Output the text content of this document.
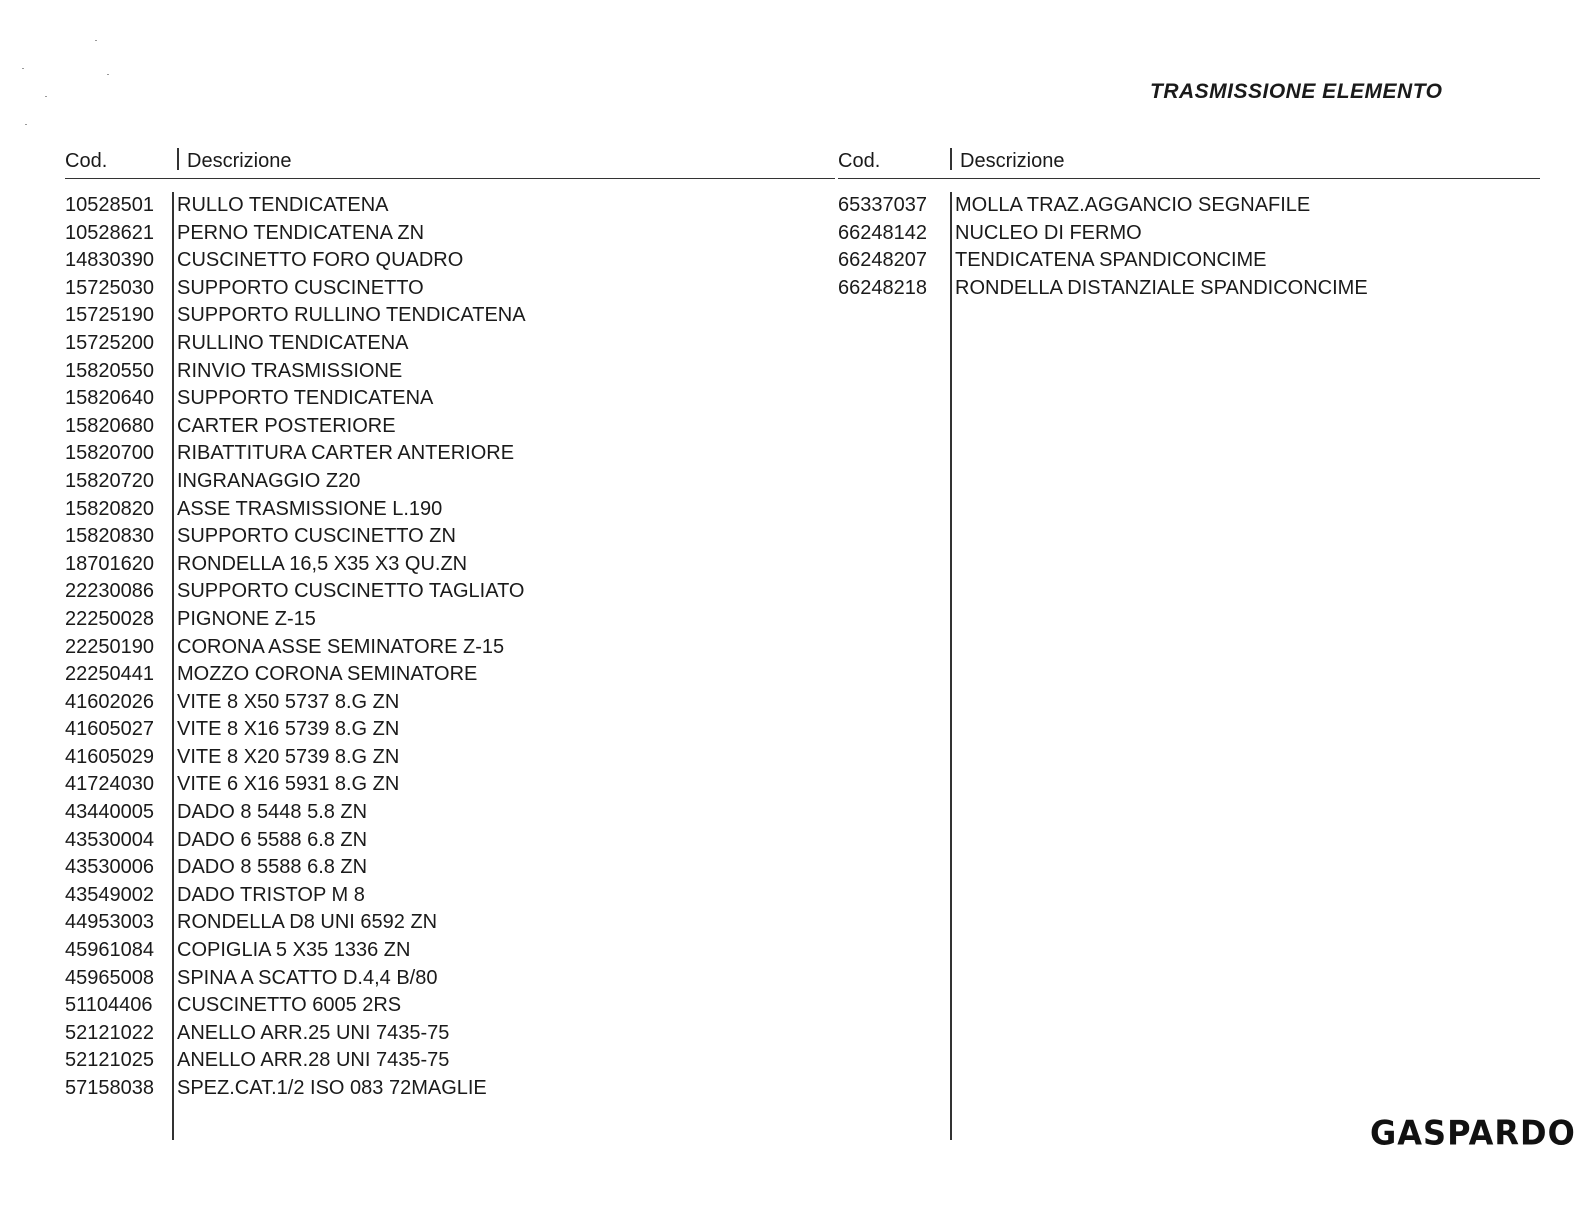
TRASMISSIONE ELEMENTO
Cod.	Descrizione
10528501	RULLO TENDICATENA
10528621	PERNO TENDICATENA ZN
14830390	CUSCINETTO FORO QUADRO
15725030	SUPPORTO CUSCINETTO
15725190	SUPPORTO RULLINO TENDICATENA
15725200	RULLINO TENDICATENA
15820550	RINVIO TRASMISSIONE
15820640	SUPPORTO TENDICATENA
15820680	CARTER POSTERIORE
15820700	RIBATTITURA CARTER ANTERIORE
15820720	INGRANAGGIO Z20
15820820	ASSE TRASMISSIONE L.190
15820830	SUPPORTO CUSCINETTO ZN
18701620	RONDELLA 16,5 X35 X3 QU.ZN
22230086	SUPPORTO CUSCINETTO TAGLIATO
22250028	PIGNONE Z-15
22250190	CORONA ASSE SEMINATORE Z-15
22250441	MOZZO CORONA SEMINATORE
41602026	VITE 8 X50 5737 8.G ZN
41605027	VITE 8 X16 5739 8.G ZN
41605029	VITE 8 X20 5739 8.G ZN
41724030	VITE 6 X16 5931 8.G ZN
43440005	DADO 8 5448 5.8 ZN
43530004	DADO 6 5588 6.8 ZN
43530006	DADO 8 5588 6.8 ZN
43549002	DADO TRISTOP M 8
44953003	RONDELLA D8 UNI 6592 ZN
45961084	COPIGLIA 5 X35 1336 ZN
45965008	SPINA A SCATTO D.4,4 B/80
51104406	CUSCINETTO 6005 2RS
52121022	ANELLO ARR.25 UNI 7435-75
52121025	ANELLO ARR.28 UNI 7435-75
57158038	SPEZ.CAT.1/2 ISO 083 72MAGLIE
Cod.	Descrizione
65337037	MOLLA TRAZ.AGGANCIO SEGNAFILE
66248142	NUCLEO DI FERMO
66248207	TENDICATENA SPANDICONCIME
66248218	RONDELLA DISTANZIALE SPANDICONCIME
GASPARDO
